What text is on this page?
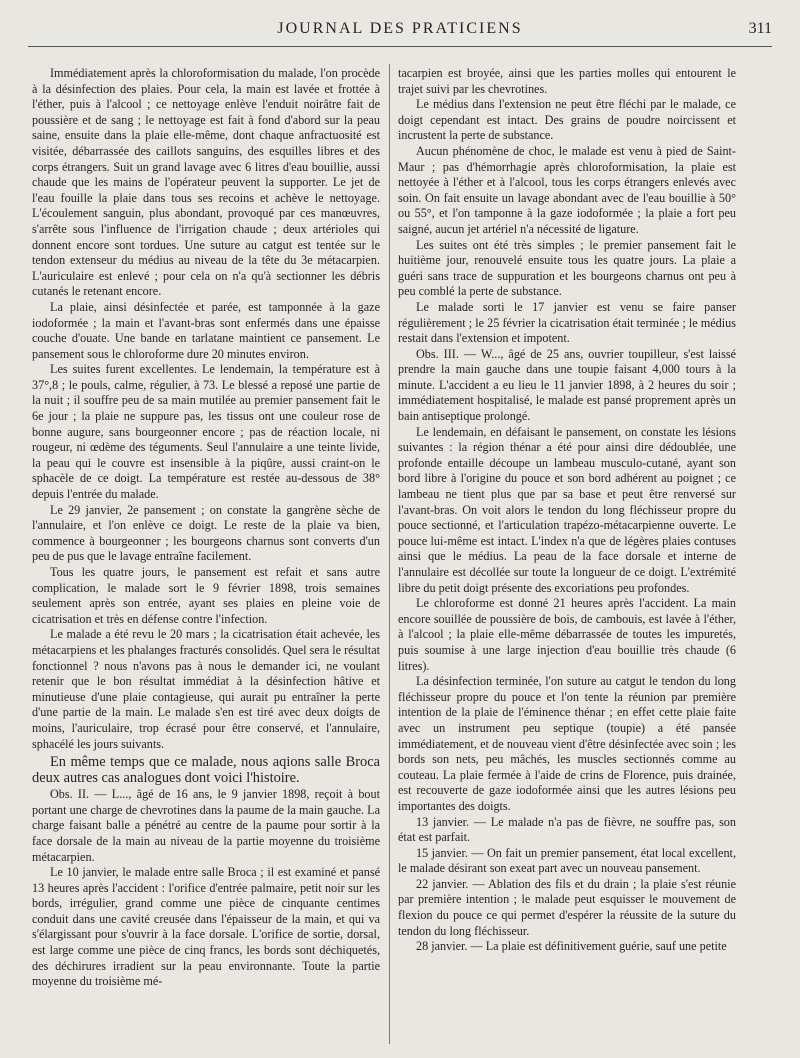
JOURNAL DES PRATICIENS	311

Immédiatement après la chloroformisation du malade, l'on procède à la désinfection des plaies. Pour cela, la main est lavée et frottée à l'éther, puis à l'alcool ; ce nettoyage enlève l'enduit noirâtre fait de poussière et de sang ; le nettoyage est fait à fond d'abord sur la peau saine, ensuite dans la plaie elle-même, dont chaque anfractuosité est visitée, débarrassée des caillots sanguins, des esquilles libres et des corps étrangers. Suit un grand lavage avec 6 litres d'eau bouillie, aussi chaude que les mains de l'opérateur peuvent la supporter. Le jet de l'eau fouille la plaie dans tous ses recoins et achève le nettoyage. L'écoulement sanguin, plus abondant, provoqué par ces manœuvres, s'arrête sous l'influence de l'irrigation chaude ; deux artérioles qui donnent encore sont tordues. Une suture au catgut est tentée sur le tendon extenseur du médius au niveau de la tête du 3e métacarpien. L'auriculaire est enlevé ; pour cela on n'a qu'à sectionner les débris cutanés le retenant encore.

La plaie, ainsi désinfectée et parée, est tamponnée à la gaze iodoformée ; la main et l'avant-bras sont enfermés dans une épaisse couche d'ouate. Une bande en tarlatane maintient ce pansement. Le pansement sous le chloroforme dure 20 minutes environ.

Les suites furent excellentes. Le lendemain, la température est à 37°,8 ; le pouls, calme, régulier, à 73. Le blessé a reposé une partie de la nuit ; il souffre peu de sa main mutilée au premier pansement fait le 6e jour ; la plaie ne suppure pas, les tissus ont une couleur rose de bonne augure, sans bourgeonner encore ; pas de réaction locale, ni rougeur, ni œdème des téguments. Seul l'annulaire a une teinte livide, la peau qui le couvre est insensible à la piqûre, aussi craint-on le sphacèle de ce doigt. La température est restée au-dessous de 38° depuis l'entrée du malade.

Le 29 janvier, 2e pansement ; on constate la gangrène sèche de l'annulaire, et l'on enlève ce doigt. Le reste de la plaie va bien, commence à bourgeonner ; les bourgeons charnus sont converts d'un peu de pus que le lavage entraîne facilement.

Tous les quatre jours, le pansement est refait et sans autre complication, le malade sort le 9 février 1898, trois semaines seulement après son entrée, ayant ses plaies en pleine voie de cicatrisation et très en défense contre l'infection.

Le malade a été revu le 20 mars ; la cicatrisation était achevée, les métacarpiens et les phalanges fracturés consolidés. Quel sera le résultat fonctionnel ? nous n'avons pas à nous le demander ici, ne voulant retenir que le bon résultat immédiat à la désinfection hâtive et minutieuse d'une plaie contagieuse, qui aurait pu entraîner la perte d'une partie de la main. Le malade s'en est tiré avec deux doigts de moins, l'auriculaire, trop écrasé pour être conservé, et l'annulaire, sphacélé les jours suivants.

En même temps que ce malade, nous aqions salle Broca deux autres cas analogues dont voici l'histoire.

Obs. II. — L..., âgé de 16 ans, le 9 janvier 1898, reçoit à bout portant une charge de chevrotines dans la paume de la main gauche. La charge faisant balle a pénétré au centre de la paume pour sortir à la face dorsale de la main au niveau de la partie moyenne du troisième métacarpien.

Le 10 janvier, le malade entre salle Broca ; il est examiné et pansé 13 heures après l'accident : l'orifice d'entrée palmaire, petit noir sur les bords, irrégulier, grand comme une pièce de cinquante centimes conduit dans une cavité creusée dans l'épaisseur de la main, et qui va s'élargissant pour s'ouvrir à la face dorsale. L'orifice de sortie, dorsal, est large comme une pièce de cinq francs, les bords sont déchiquetés, des déchirures irradient sur la peau environnante. Toute la partie moyenne du troisième mé-

tacarpien est broyée, ainsi que les parties molles qui entourent le trajet suivi par les chevrotines.

Le médius dans l'extension ne peut être fléchi par le malade, ce doigt cependant est intact. Des grains de poudre noircissent et incrustent la perte de substance.

Aucun phénomène de choc, le malade est venu à pied de Saint-Maur ; pas d'hémorrhagie après chloroformisation, la plaie est nettoyée à l'éther et à l'alcool, tous les corps étrangers enlevés avec soin. On fait ensuite un lavage abondant avec de l'eau bouillie à 50° ou 55°, et l'on tamponne à la gaze iodoformée ; la plaie a fort peu saigné, aucun jet artériel n'a nécessité de ligature.

Les suites ont été très simples ; le premier pansement fait le huitième jour, renouvelé ensuite tous les quatre jours. La plaie a guéri sans trace de suppuration et les bourgeons charnus ont peu à peu comblé la perte de substance.

Le malade sorti le 17 janvier est venu se faire panser régulièrement ; le 25 février la cicatrisation était terminée ; le médius restait dans l'extension et impotent.

Obs. III. — W..., âgé de 25 ans, ouvrier toupilleur, s'est laissé prendre la main gauche dans une toupie faisant 4,000 tours à la minute. L'accident a eu lieu le 11 janvier 1898, à 2 heures du soir ; immédiatement hospitalisé, le malade est pansé proprement après un bain antiseptique prolongé.

Le lendemain, en défaisant le pansement, on constate les lésions suivantes : la région thénar a été pour ainsi dire dédoublée, une profonde entaille découpe un lambeau musculo-cutané, ayant son bord libre à l'origine du pouce et son bord adhérent au poignet ; ce lambeau ne tient plus que par sa base et peut être renversé sur l'avant-bras. On voit alors le tendon du long fléchisseur propre du pouce sectionné, et l'articulation trapézo-métacarpienne ouverte. Le pouce lui-même est intact. L'index n'a que de légères plaies contuses ainsi que le médius. La peau de la face dorsale et interne de l'annulaire est décollée sur toute la longueur de ce doigt. L'extrémité libre du petit doigt présente des excoriations peu profondes.

Le chloroforme est donné 21 heures après l'accident. La main encore souillée de poussière de bois, de cambouis, est lavée à l'éther, à l'alcool ; la plaie elle-même débarrassée de toutes les impuretés, puis soumise à une large injection d'eau bouillie très chaude (6 litres).

La désinfection terminée, l'on suture au catgut le tendon du long fléchisseur propre du pouce et l'on tente la réunion par première intention de la plaie de l'éminence thénar ; en effet cette plaie faite avec un instrument peu septique (toupie) a été pansée immédiatement, et de nouveau vient d'être désinfectée avec soin ; les bords son nets, peu mâchés, les muscles sectionnés comme au couteau. La plaie fermée à l'aide de crins de Florence, puis drainée, est recouverte de gaze iodoformée ainsi que les autres lésions peu importantes des doigts.

13 janvier. — Le malade n'a pas de fièvre, ne souffre pas, son état est parfait.

15 janvier. — On fait un premier pansement, état local excellent, le malade désirant son exeat part avec un nouveau pansement.

22 janvier. — Ablation des fils et du drain ; la plaie s'est réunie par première intention ; le malade peut esquisser le mouvement de flexion du pouce ce qui permet d'espérer la réussite de la suture du tendon du long fléchisseur.

28 janvier. — La plaie est définitivement guérie, sauf une petite
